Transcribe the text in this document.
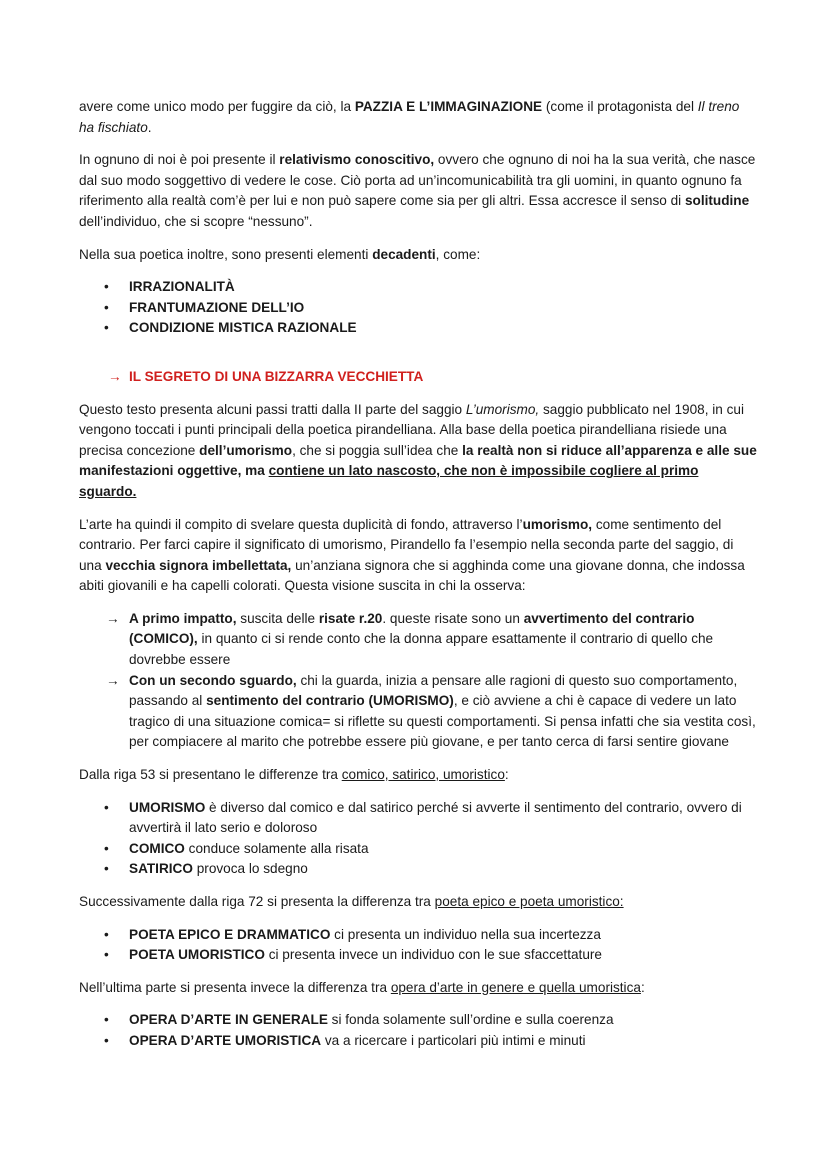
avere come unico modo per fuggire da ciò, la PAZZIA E L’IMMAGINAZIONE (come il protagonista del Il treno ha fischiato.

In ognuno di noi è poi presente il relativismo conoscitivo, ovvero che ognuno di noi ha la sua verità, che nasce dal suo modo soggettivo di vedere le cose. Ciò porta ad un’incomunicabilità tra gli uomini, in quanto ognuno fa riferimento alla realtà com’è per lui e non può sapere come sia per gli altri. Essa accresce il senso di solitudine dell’individuo, che si scopre “nessuno”.

Nella sua poetica inoltre, sono presenti elementi decadenti, come:

• IRRAZIONALITÀ
• FRANTUMAZIONE DELL’IO
• CONDIZIONE MISTICA RAZIONALE
→ IL SEGRETO DI UNA BIZZARRA VECCHIETTA

Questo testo presenta alcuni passi tratti dalla II parte del saggio L’umorismo, saggio pubblicato nel 1908, in cui vengono toccati i punti principali della poetica pirandelliana. Alla base della poetica pirandelliana risiede una precisa concezione dell’umorismo, che si poggia sull’idea che la realtà non si riduce all’apparenza e alle sue manifestazioni oggettive, ma contiene un lato nascosto, che non è impossibile cogliere al primo sguardo.

L’arte ha quindi il compito di svelare questa duplicità di fondo, attraverso l’umorismo, come sentimento del contrario. Per farci capire il significato di umorismo, Pirandello fa l’esempio nella seconda parte del saggio, di una vecchia signora imbellettata, un’anziana signora che si agghinda come una giovane donna, che indossa abiti giovanili e ha capelli colorati. Questa visione suscita in chi la osserva:

→ A primo impatto, suscita delle risate r.20. queste risate sono un avvertimento del contrario (COMICO), in quanto ci si rende conto che la donna appare esattamente il contrario di quello che dovrebbe essere
→ Con un secondo sguardo, chi la guarda, inizia a pensare alle ragioni di questo suo comportamento, passando al sentimento del contrario (UMORISMO), e ciò avviene a chi è capace di vedere un lato tragico di una situazione comica= si riflette su questi comportamenti. Si pensa infatti che sia vestita così, per compiacere al marito che potrebbe essere più giovane, e per tanto cerca di farsi sentire giovane

Dalla riga 53 si presentano le differenze tra comico, satirico, umoristico:

• UMORISMO è diverso dal comico e dal satirico perché si avverte il sentimento del contrario, ovvero di avvertirà il lato serio e doloroso
• COMICO conduce solamente alla risata
• SATIRICO provoca lo sdegno

Successivamente dalla riga 72 si presenta la differenza tra poeta epico e poeta umoristico:

• POETA EPICO E DRAMMATICO ci presenta un individuo nella sua incertezza
• POETA UMORISTICO ci presenta invece un individuo con le sue sfaccettature

Nell’ultima parte si presenta invece la differenza tra opera d’arte in genere e quella umoristica:

• OPERA D’ARTE IN GENERALE si fonda solamente sull’ordine e sulla coerenza
• OPERA D’ARTE UMORISTICA va a ricercare i particolari più intimi e minuti
